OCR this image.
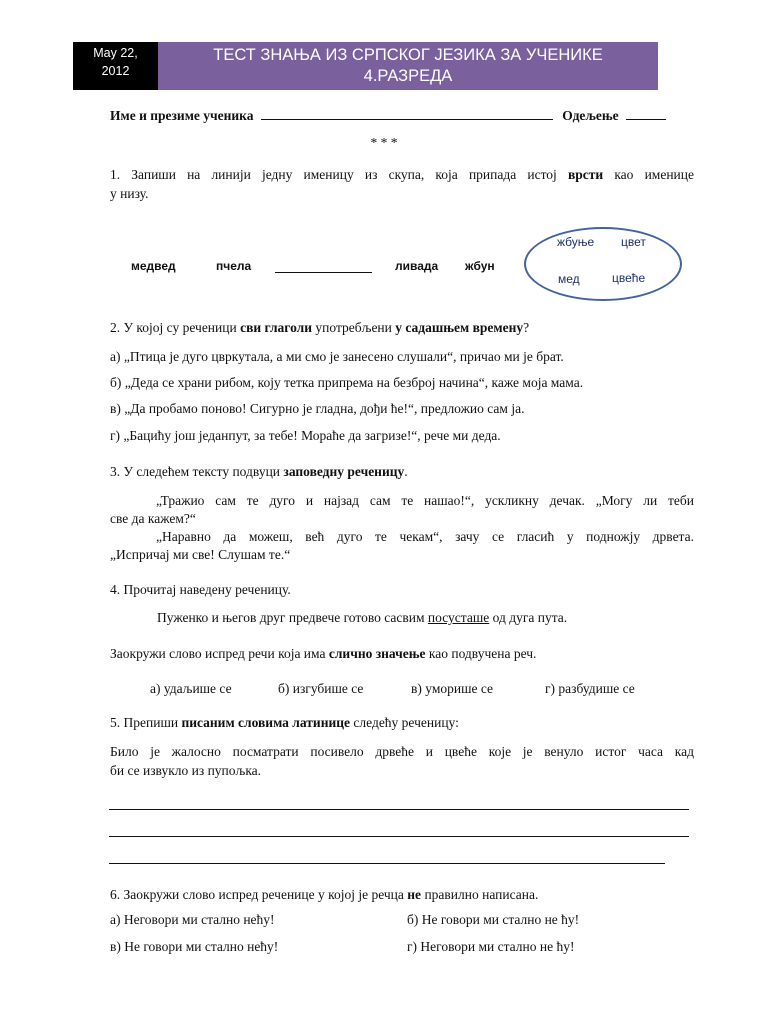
May 22,
2012
ТЕСТ ЗНАЊА ИЗ СРПСКОГ ЈЕЗИКА ЗА УЧЕНИКЕ
4.РАЗРЕДА
Име и презиме ученика	Одељење
* * *
1. Запиши на линији једну именицу из скупа, која припада истој врсти као именице
у низу.
медвед	пчела	ливада жбун
жбуње цвет
мед	цвеће
2. У којој су реченици сви глаголи употребљени у садашњем времену?
а) „Птица је дуго цвркутала, а ми смо је занесено слушали“, причао ми је брат.
б) „Деда се храни рибом, коју тетка припрема на безброј начина“, каже моја мама.
в) „Да пробамо поново! Сигурно је гладна, дођи ће!“, предложио сам ја.
г) „Бацићу још једанпут, за тебе! Мораће да загризе!“, рече ми деда.
3. У следећем тексту подвуци заповедну реченицу.
„Тражио сам те дуго и најзад сам те нашао!“, ускликну дечак. „Могу ли теби
све да кажем?“
„Наравно да можеш, већ дуго те чекам“, зачу се гласић у подножју дрвета.
„Испричај ми све! Слушам те.“
4. Прочитај наведену реченицу.
Пуженко и његов друг предвече готово сасвим посусташе од дуга пута.
Заокружи слово испред речи која има слично значење као подвучена реч.
а) удаљише се	б) изгубише се	в) уморише се	г) разбудише се
5. Препиши писаним словима латинице следећу реченицу:
Било је жалосно посматрати посивело дрвеће и цвеће које је венуло истог часа кад
би се извукло из пупољка.
6. Заокружи слово испред реченице у којој је речца не правилно написана.
а) Неговори ми стално нећу!	б) Не говори ми стално не ћу!
в) Не говори ми стално нећу!	г) Неговори ми стално не ћу!
